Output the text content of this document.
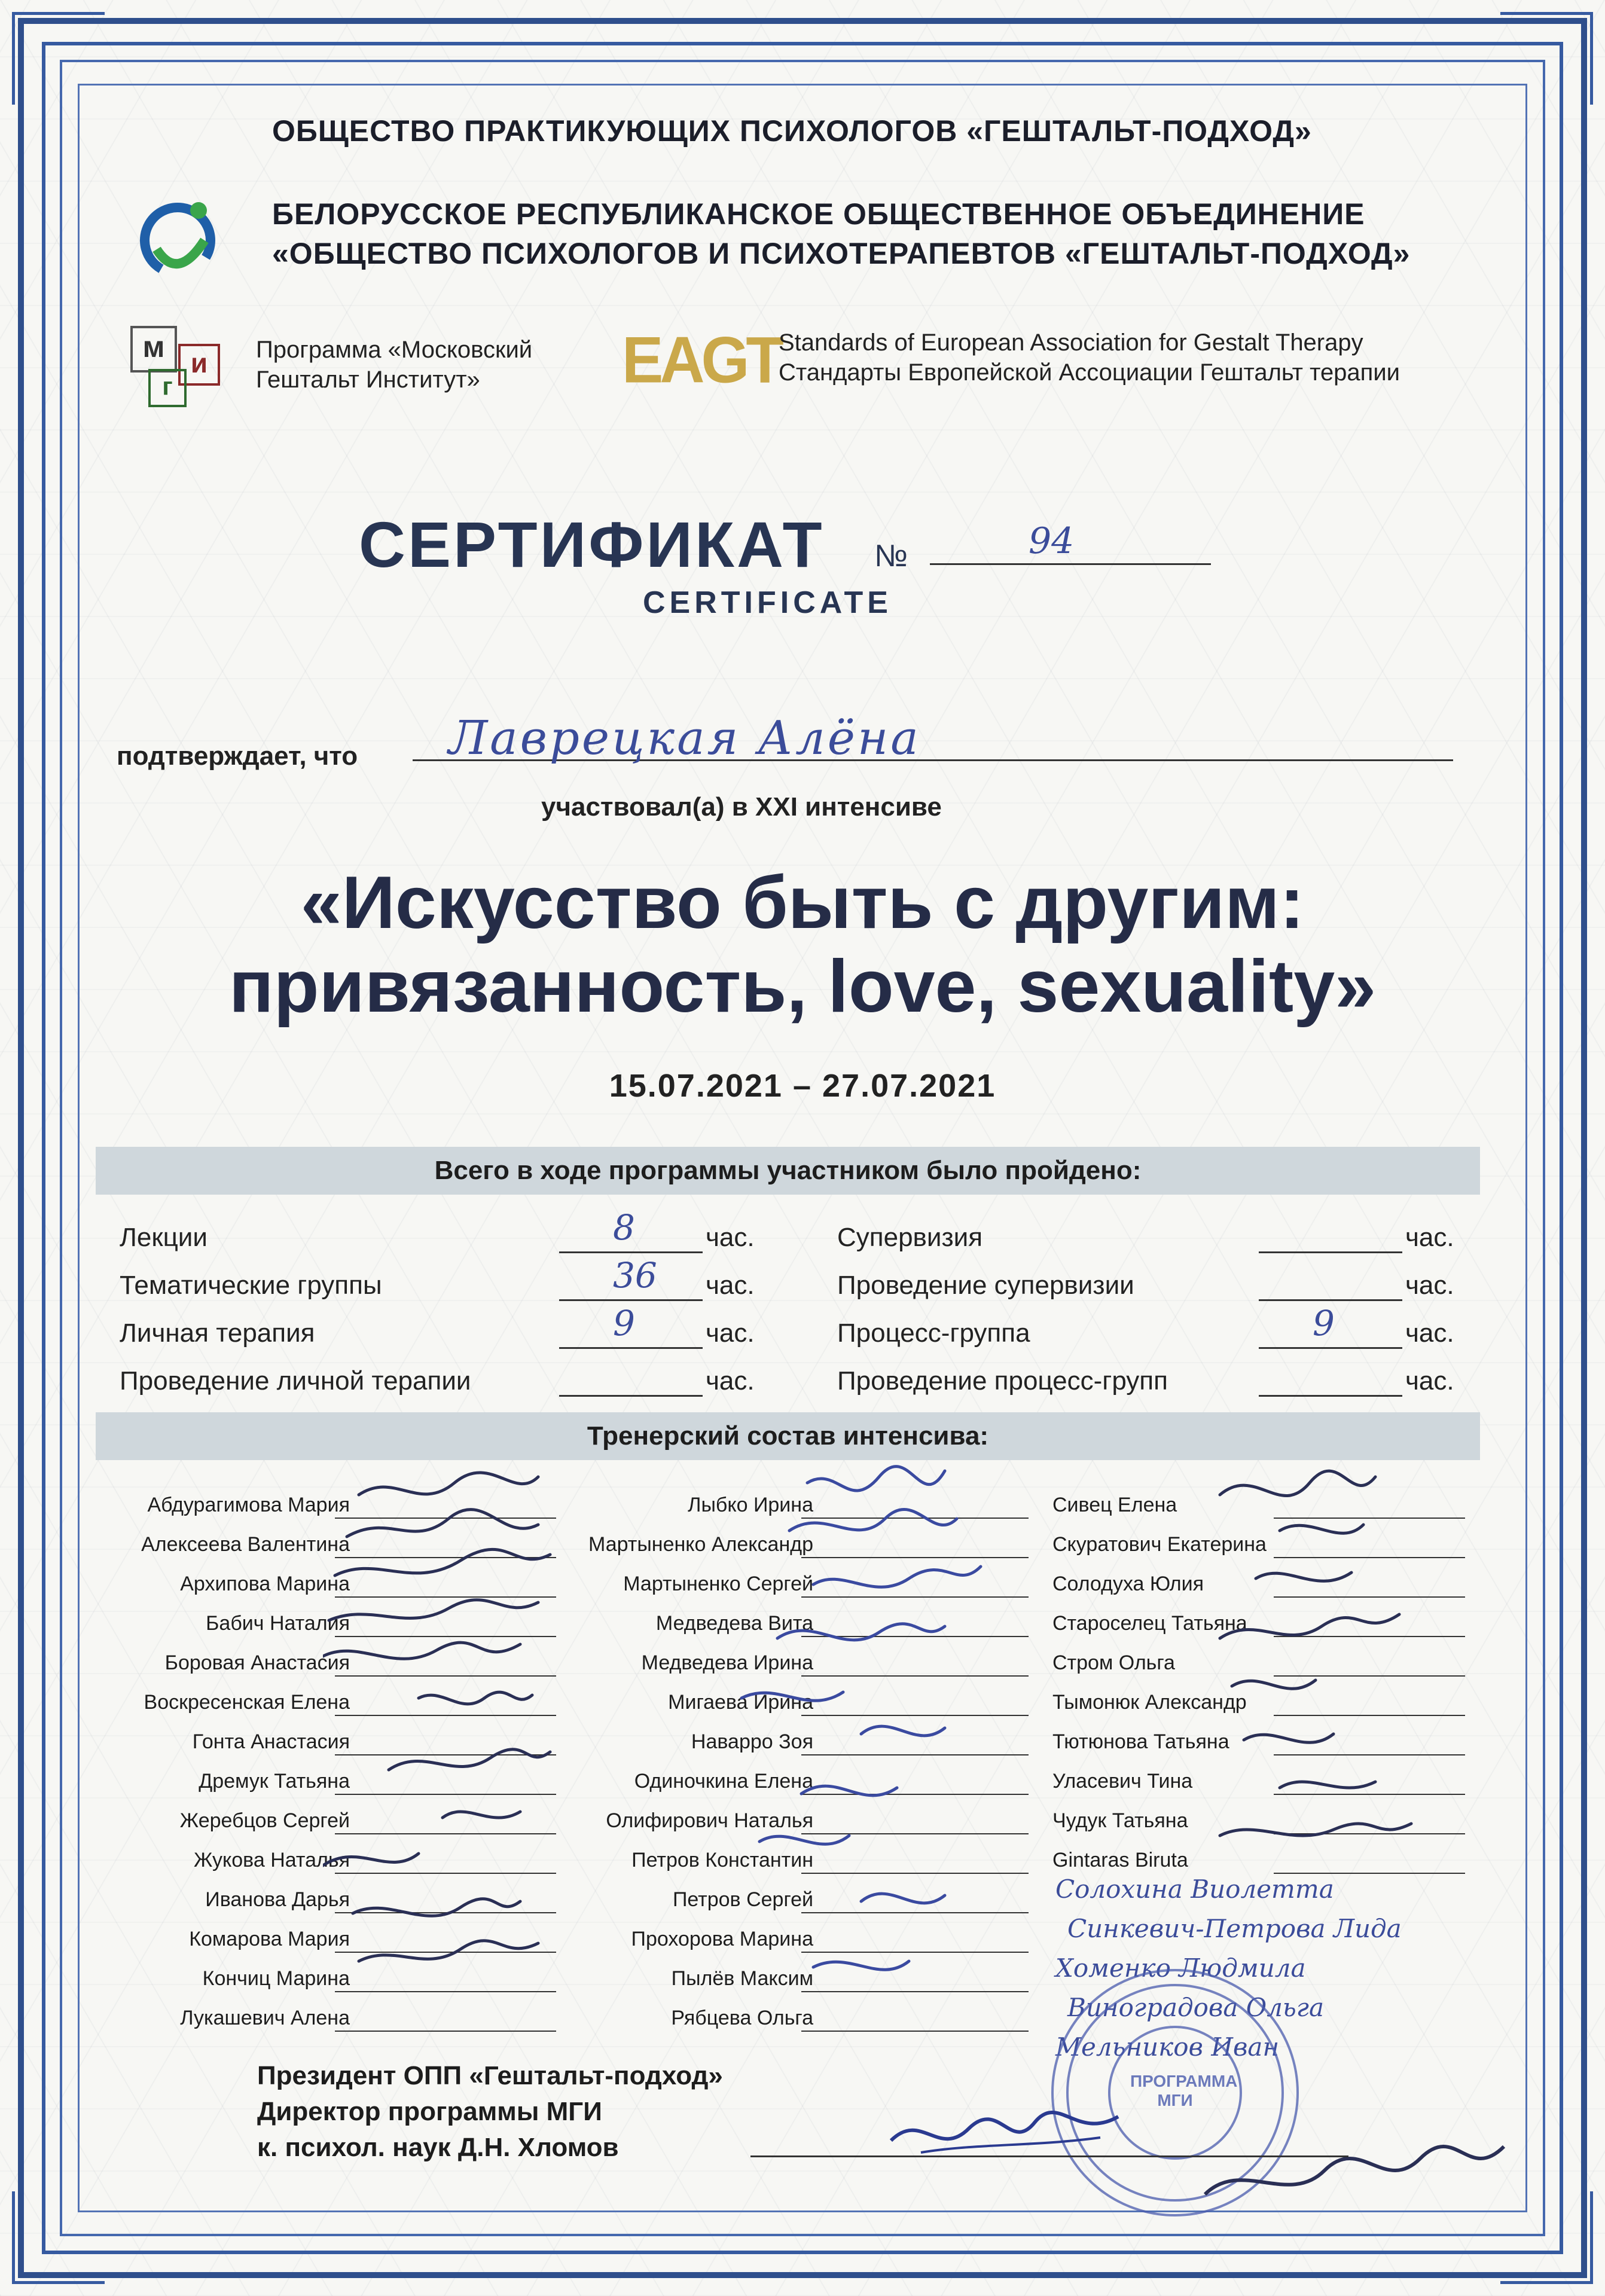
ОБЩЕСТВО ПРАКТИКУЮЩИХ ПСИХОЛОГОВ «ГЕШТАЛЬТ-ПОДХОД»
БЕЛОРУССКОЕ РЕСПУБЛИКАНСКОЕ ОБЩЕСТВЕННОЕ ОБЪЕДИНЕНИЕ
«ОБЩЕСТВО ПСИХОЛОГОВ И ПСИХОТЕРАПЕВТОВ «ГЕШТАЛЬТ-ПОДХОД»
м и
г
Программа «Московский
Гештальт Институт»	EAGT
Standards of European Association for Gestalt Therapy
Стандарты Европейской Ассоциации Гештальт терапии
СЕРТИФИКАТ №	94
CERTIFICATE
подтверждает, что Лаврецкая Алёна
участвовал(а) в XXI интенсиве
«Искусство быть с другим:
привязанность, love, sexuality»
15.07.2021 – 27.07.2021
Всего в ходе программы участником было пройдено:
Лекции	8	час.
Тематические группы	36 час.
Личная терапия	9	час.
Проведение личной терапии	час.
Супервизия	час.
Проведение супервизии	час.
Процесс-группа	9	час.
Проведение процесс-групп	час.
Тренерский состав интенсива:
Абдурагимова Мария
Алексеева Валентина
Архипова Марина
Бабич Наталия
Боровая Анастасия
Воскресенская Елена
Гонта Анастасия
Дремук Татьяна
Жеребцов Сергей
Жукова Наталья
Иванова Дарья
Комарова Мария
Кончиц Марина
Лукашевич Алена
Лыбко Ирина
Мартыненко Александр
Мартыненко Сергей
Медведева Вита
Медведева Ирина
Мигаева Ирина
Наварро Зоя
Одиночкина Елена
Олифирович Наталья
Петров Константин
Петров Сергей
Прохорова Марина
Пылёв Максим
Рябцева Ольга
Сивец Елена
Скуратович Екатерина
Солодуха Юлия
Староселец Татьяна
Стром Ольга
Тымонюк Александр
Тютюнова Татьяна
Уласевич Тина
Чудук Татьяна
Gintaras Biruta
Солохина Виолетта
Синкевич-Петрова Лида
Хоменко Людмила
Виноградова Ольга
Мельников Иван
ПРОГРАММА
МГИ
Президент ОПП «Гештальт-подход»
Директор программы МГИ
к. психол. наук Д.Н. Хломов
